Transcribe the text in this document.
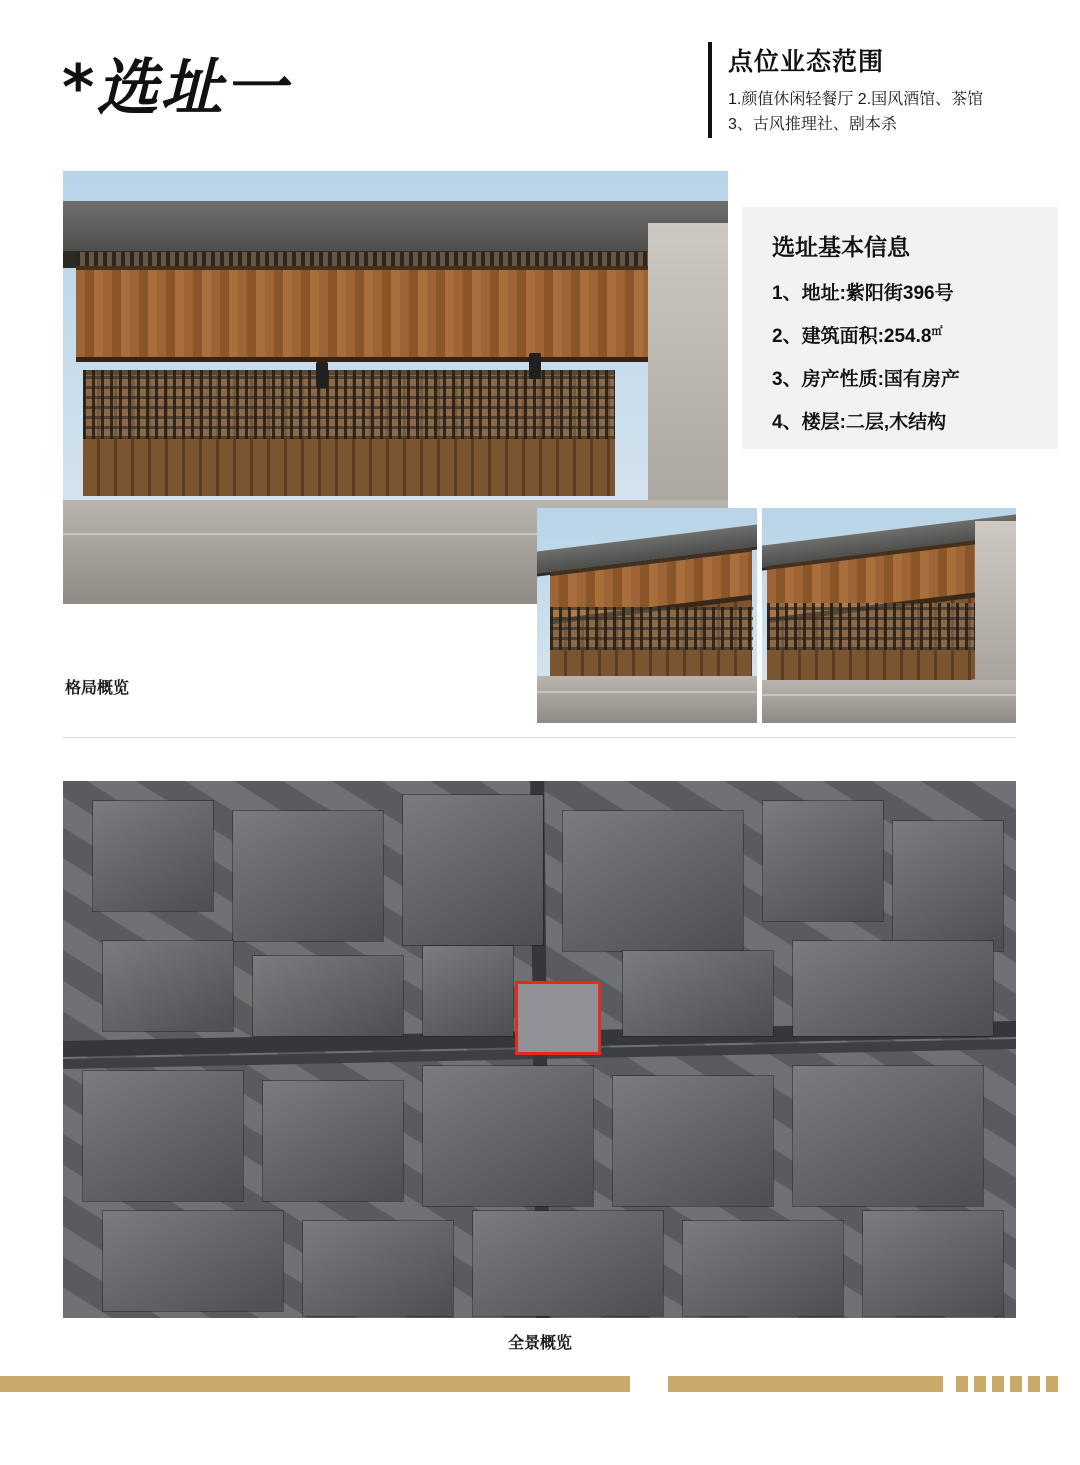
*选址一	点位业态范围
1.颜值休闲轻餐厅 2.国风酒馆、茶馆
3、古风推理社、剧本杀
选址基本信息
1、地址:紫阳街396号
2、建筑面积:254.8㎡
3、房产性质:国有房产
4、楼层:二层,木结构
格局概览
全景概览
